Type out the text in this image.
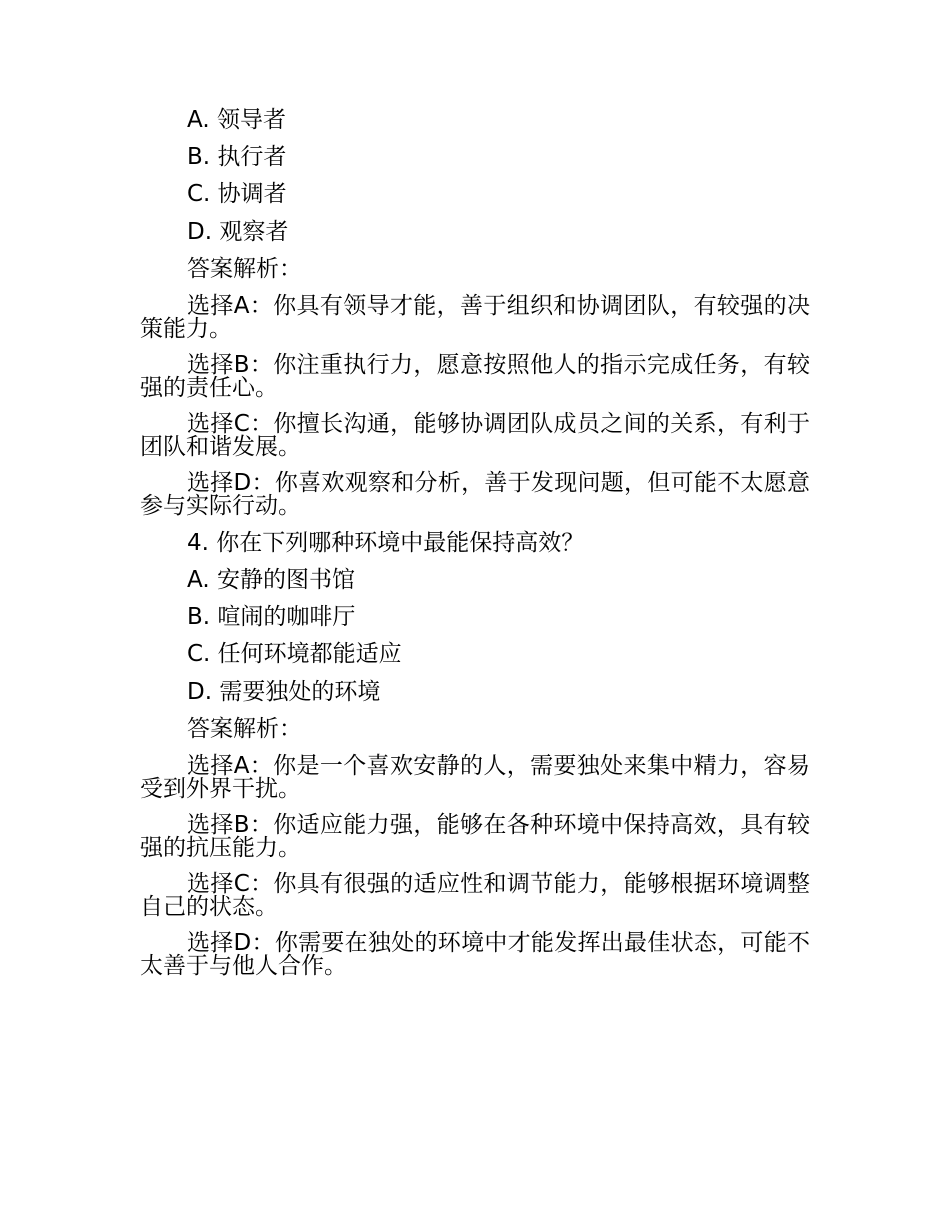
A. 领导者
B. 执行者
C. 协调者
D. 观察者
答案解析：
选择A：你具有领导才能，善于组织和协调团队，有较强的决策能力。
选择B：你注重执行力，愿意按照他人的指示完成任务，有较强的责任心。
选择C：你擅长沟通，能够协调团队成员之间的关系，有利于团队和谐发展。
选择D：你喜欢观察和分析，善于发现问题，但可能不太愿意参与实际行动。
4. 你在下列哪种环境中最能保持高效？
A. 安静的图书馆
B. 喧闹的咖啡厅
C. 任何环境都能适应
D. 需要独处的环境
答案解析：
选择A：你是一个喜欢安静的人，需要独处来集中精力，容易受到外界干扰。
选择B：你适应能力强，能够在各种环境中保持高效，具有较强的抗压能力。
选择C：你具有很强的适应性和调节能力，能够根据环境调整自己的状态。
选择D：你需要在独处的环境中才能发挥出最佳状态，可能不太善于与他人合作。
